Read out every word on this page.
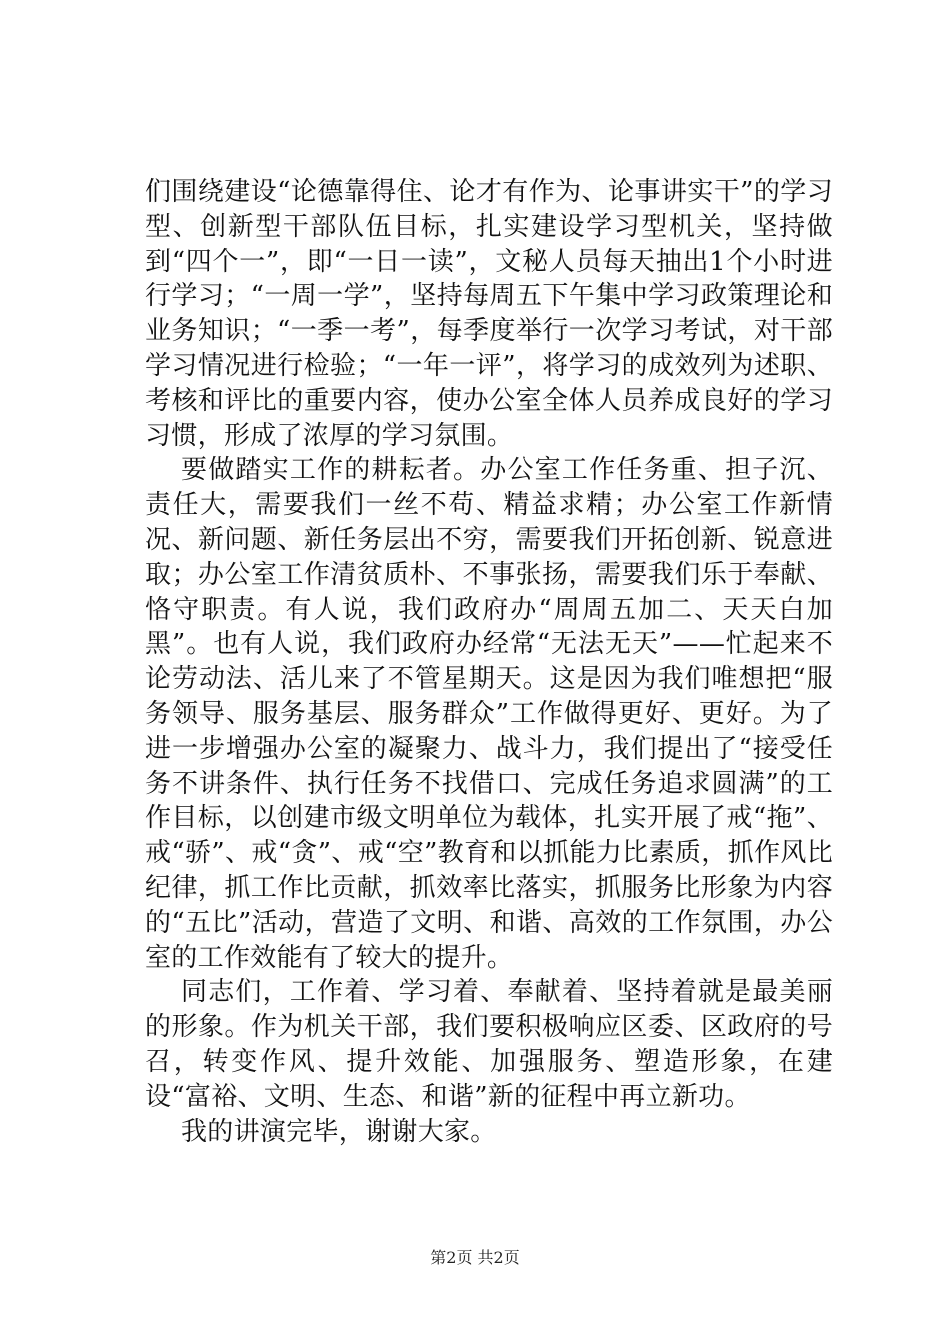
们围绕建设“论德靠得住、论才有作为、论事讲实干”的学习型、创新型干部队伍目标，扎实建设学习型机关，坚持做到“四个一”，即“一日一读”，文秘人员每天抽出1个小时进行学习；“一周一学”，坚持每周五下午集中学习政策理论和业务知识；“一季一考”，每季度举行一次学习考试，对干部学习情况进行检验；“一年一评”，将学习的成效列为述职、考核和评比的重要内容，使办公室全体人员养成良好的学习习惯，形成了浓厚的学习氛围。

要做踏实工作的耕耘者。办公室工作任务重、担子沉、责任大，需要我们一丝不苟、精益求精；办公室工作新情况、新问题、新任务层出不穷，需要我们开拓创新、锐意进取；办公室工作清贫质朴、不事张扬，需要我们乐于奉献、恪守职责。有人说，我们政府办“周周五加二、天天白加黑”。也有人说，我们政府办经常“无法无天”——忙起来不论劳动法、活儿来了不管星期天。这是因为我们唯想把“服务领导、服务基层、服务群众”工作做得更好、更好。为了进一步增强办公室的凝聚力、战斗力，我们提出了“接受任务不讲条件、执行任务不找借口、完成任务追求圆满”的工作目标，以创建市级文明单位为载体，扎实开展了戒“拖”、戒“骄”、戒“贪”、戒“空”教育和以抓能力比素质，抓作风比纪律，抓工作比贡献，抓效率比落实，抓服务比形象为内容的“五比”活动，营造了文明、和谐、高效的工作氛围，办公室的工作效能有了较大的提升。

同志们，工作着、学习着、奉献着、坚持着就是最美丽的形象。作为机关干部，我们要积极响应区委、区政府的号召，转变作风、提升效能、加强服务、塑造形象，在建设“富裕、文明、生态、和谐”新的征程中再立新功。

我的讲演完毕，谢谢大家。

第2页 共2页
